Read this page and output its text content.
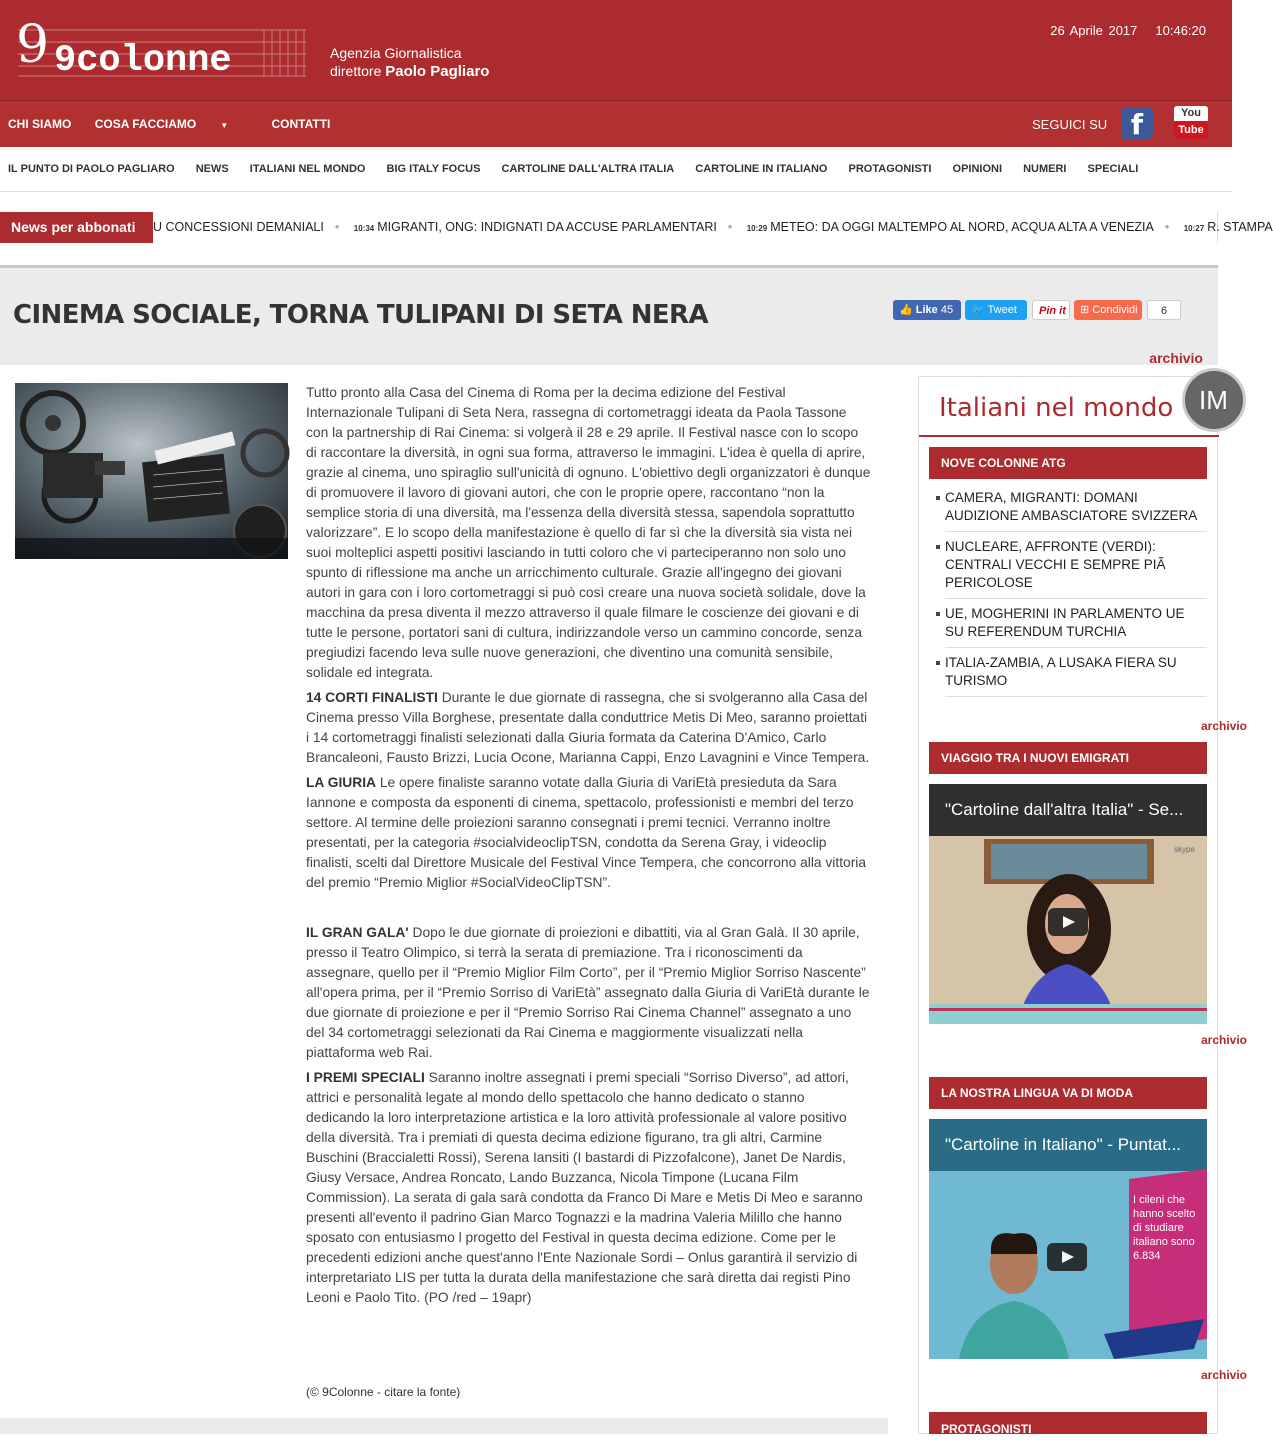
9 9colonne	Agenzia Giornalistica
direttore Paolo Pagliaro
26 Aprile 2017 10:46:20
CHI SIAMO COSA FACCIAMO	▼	CONTATTI	SEGUICI SU f	You
Tube
IL PUNTO DI PAOLO PAGLIARO NEWS ITALIANI NEL MONDO BIG ITALY FOCUS CARTOLINE DALL'ALTRA ITALIA CARTOLINE IN ITALIANO PROTAGONISTI OPINIONI NUMERI SPECIALI
News per abbonati	U CONCESSIONI DEMANIALI • 10:34 MIGRANTI, ONG: INDIGNATI DA ACCUSE PARLAMENTARI • 10:29 METEO: DA OGGI MALTEMPO AL NORD, ACQUA ALTA A VENEZIA • 10:27 R. STAMPA
CINEMA SOCIALE, TORNA TULIPANI DI SETA NERA	👍 Like 45	🐦 Tweet	Pin it	⊞ Condividi	6
archivio

Tutto pronto alla Casa del Cinema di Roma per la decima edizione del Festival Internazionale Tulipani di Seta Nera, rassegna di cortometraggi ideata da Paola Tassone con la partnership di Rai Cinema: si volgerà il 28 e 29 aprile. Il Festival nasce con lo scopo di raccontare la diversità, in ogni sua forma, attraverso le immagini. L'idea è quella di aprire, grazie al cinema, uno spiraglio sull'unicità di ognuno. L'obiettivo degli organizzatori è dunque di promuovere il lavoro di giovani autori, che con le proprie opere, raccontano “non la semplice storia di una diversità, ma l'essenza della diversità stessa, sapendola soprattutto valorizzare”. E lo scopo della manifestazione è quello di far sì che la diversità sia vista nei suoi molteplici aspetti positivi lasciando in tutti coloro che vi parteciperanno non solo uno spunto di riflessione ma anche un arricchimento culturale. Grazie all'ingegno dei giovani autori in gara con i loro cortometraggi si può così creare una nuova società solidale, dove la macchina da presa diventa il mezzo attraverso il quale filmare le coscienze dei giovani e di tutte le persone, portatori sani di cultura, indirizzandole verso un cammino concorde, senza pregiudizi facendo leva sulle nuove generazioni, che diventino una comunità sensibile, solidale ed integrata.

14 CORTI FINALISTI Durante le due giornate di rassegna, che si svolgeranno alla Casa del Cinema presso Villa Borghese, presentate dalla conduttrice Metis Di Meo, saranno proiettati i 14 cortometraggi finalisti selezionati dalla Giuria formata da Caterina D'Amico, Carlo Brancaleoni, Fausto Brizzi, Lucia Ocone, Marianna Cappi, Enzo Lavagnini e Vince Tempera.

LA GIURIA Le opere finaliste saranno votate dalla Giuria di VariEtà presieduta da Sara Iannone e composta da esponenti di cinema, spettacolo, professionisti e membri del terzo settore. Al termine delle proiezioni saranno consegnati i premi tecnici. Verranno inoltre presentati, per la categoria #socialvideoclipTSN, condotta da Serena Gray, i videoclip finalisti, scelti dal Direttore Musicale del Festival Vince Tempera, che concorrono alla vittoria del premio “Premio Miglior #SocialVideoClipTSN”.

IL GRAN GALA' Dopo le due giornate di proiezioni e dibattiti, via al Gran Galà. Il 30 aprile, presso il Teatro Olimpico, si terrà la serata di premiazione. Tra i riconoscimenti da assegnare, quello per il “Premio Miglior Film Corto”, per il “Premio Miglior Sorriso Nascente” all'opera prima, per il “Premio Sorriso di VariEtà” assegnato dalla Giuria di VariEtà durante le due giornate di proiezione e per il “Premio Sorriso Rai Cinema Channel” assegnato a uno del 34 cortometraggi selezionati da Rai Cinema e maggiormente visualizzati nella piattaforma web Rai.

I PREMI SPECIALI Saranno inoltre assegnati i premi speciali “Sorriso Diverso”, ad attori, attrici e personalità legate al mondo dello spettacolo che hanno dedicato o stanno dedicando la loro interpretazione artistica e la loro attività professionale al valore positivo della diversità. Tra i premiati di questa decima edizione figurano, tra gli altri, Carmine Buschini (Braccialetti Rossi), Serena Iansiti (I bastardi di Pizzofalcone), Janet De Nardis, Giusy Versace, Andrea Roncato, Lando Buzzanca, Nicola Timpone (Lucana Film Commission). La serata di gala sarà condotta da Franco Di Mare e Metis Di Meo e saranno presenti all'evento il padrino Gian Marco Tognazzi e la madrina Valeria Milillo che hanno sposato con entusiasmo l progetto del Festival in questa decima edizione. Come per le precedenti edizioni anche quest'anno l'Ente Nazionale Sordi – Onlus garantirà il servizio di interpretariato LIS per tutta la durata della manifestazione che sarà diretta dai registi Pino Leoni e Paolo Tito. (PO /red – 19apr)

(© 9Colonne - citare la fonte)
Italiani nel mondo IM
NOVE COLONNE ATG
CAMERA, MIGRANTI: DOMANI AUDIZIONE AMBASCIATORE SVIZZERA
NUCLEARE, AFFRONTE (VERDI): CENTRALI VECCHI E SEMPRE PIÃ PERICOLOSE
UE, MOGHERINI IN PARLAMENTO UE SU REFERENDUM TURCHIA
ITALIA-ZAMBIA, A LUSAKA FIERA SU TURISMO
archivio
VIAGGIO TRA I NUOVI EMIGRATI
skype
"Cartoline dall'altra Italia" - Se...
archivio
LA NOSTRA LINGUA VA DI MODA
I cileni che hanno scelto di studiare italiano sono 6.834
"Cartoline in Italiano" - Puntat...
archivio
PROTAGONISTI
